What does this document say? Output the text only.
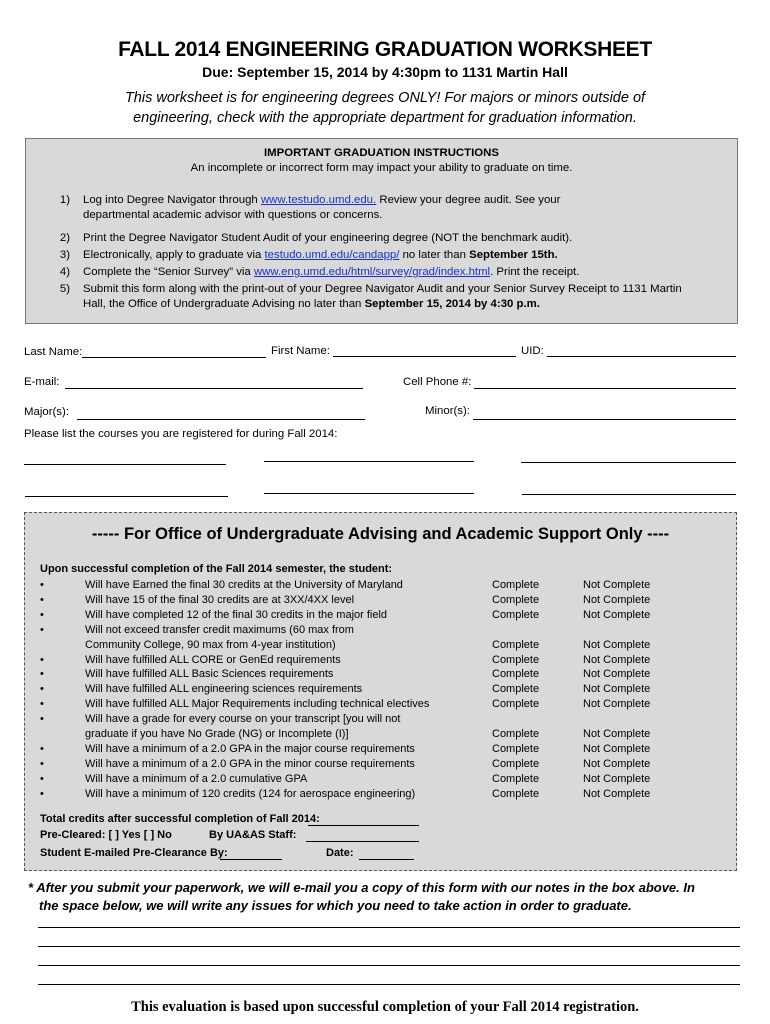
FALL 2014 ENGINEERING GRADUATION WORKSHEET
Due: September 15, 2014 by 4:30pm to 1131 Martin Hall
This worksheet is for engineering degrees ONLY! For majors or minors outside of
engineering, check with the appropriate department for graduation information.
IMPORTANT GRADUATION INSTRUCTIONS
An incomplete or incorrect form may impact your ability to graduate on time.
1) Log into Degree Navigator through www.testudo.umd.edu. Review your degree audit. See your
departmental academic advisor with questions or concerns.
2) Print the Degree Navigator Student Audit of your engineering degree (NOT the benchmark audit).
3) Electronically, apply to graduate via testudo.umd.edu/candapp/ no later than September 15th.
4) Complete the “Senior Survey” via www.eng.umd.edu/html/survey/grad/index.html. Print the receipt.
5) Submit this form along with the print-out of your Degree Navigator Audit and your Senior Survey Receipt to 1131 Martin
Hall, the Office of Undergraduate Advising no later than September 15, 2014 by 4:30 p.m.
Last Name:	First Name:	UID:
E-mail:	Cell Phone #:
Major(s):	Minor(s):
Please list the courses you are registered for during Fall 2014:
----- For Office of Undergraduate Advising and Academic Support Only ----
Upon successful completion of the Fall 2014 semester, the student:
•	Will have Earned the final 30 credits at the University of Maryland	Complete	Not Complete
•	Will have 15 of the final 30 credits are at 3XX/4XX level	Complete	Not Complete
•	Will have completed 12 of the final 30 credits in the major field	Complete	Not Complete
•	Will not exceed transfer credit maximums (60 max from
Community College, 90 max from 4-year institution)	Complete	Not Complete
•	Will have fulfilled ALL CORE or GenEd requirements	Complete	Not Complete
•	Will have fulfilled ALL Basic Sciences requirements	Complete	Not Complete
•	Will have fulfilled ALL engineering sciences requirements	Complete	Not Complete
•	Will have fulfilled ALL Major Requirements including technical electives	Complete	Not Complete
•	Will have a grade for every course on your transcript [you will not
graduate if you have No Grade (NG) or Incomplete (I)]	Complete	Not Complete
•	Will have a minimum of a 2.0 GPA in the major course requirements	Complete	Not Complete
•	Will have a minimum of a 2.0 GPA in the minor course requirements	Complete	Not Complete
•	Will have a minimum of a 2.0 cumulative GPA	Complete	Not Complete
•	Will have a minimum of 120 credits (124 for aerospace engineering)	Complete	Not Complete
Total credits after successful completion of Fall 2014:
Pre-Cleared: [ ] Yes [ ] No	By UA&AS Staff:
Student E-mailed Pre-Clearance By:	Date:
* After you submit your paperwork, we will e-mail you a copy of this form with our notes in the box above. In
the space below, we will write any issues for which you need to take action in order to graduate.
This evaluation is based upon successful completion of your Fall 2014 registration.
